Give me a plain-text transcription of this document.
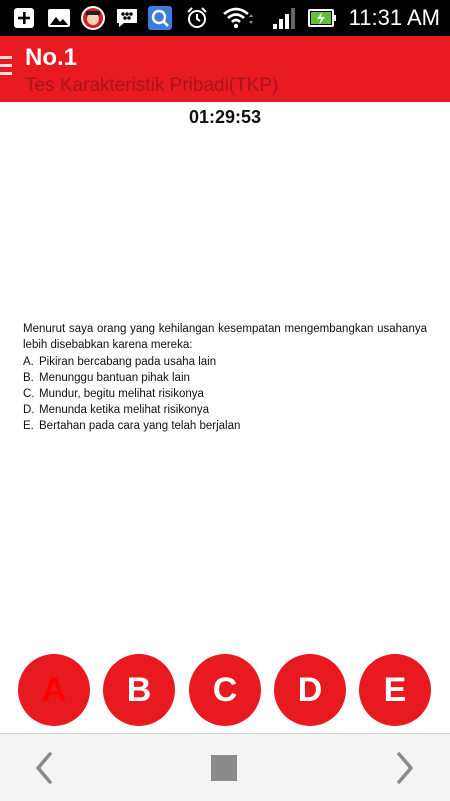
11:31 AM
No.1
Tes Karakteristik Pribadi(TKP)
01:29:53

Menurut saya orang yang kehilangan kesempatan mengembangkan usahanya lebih disebabkan karena mereka:

A. Pikiran bercabang pada usaha lain
B. Menunggu bantuan pihak lain
C. Mundur, begitu melihat risikonya
D. Menunda ketika melihat risikonya
E. Bertahan pada cara yang telah berjalan
A	B	C	D	E
